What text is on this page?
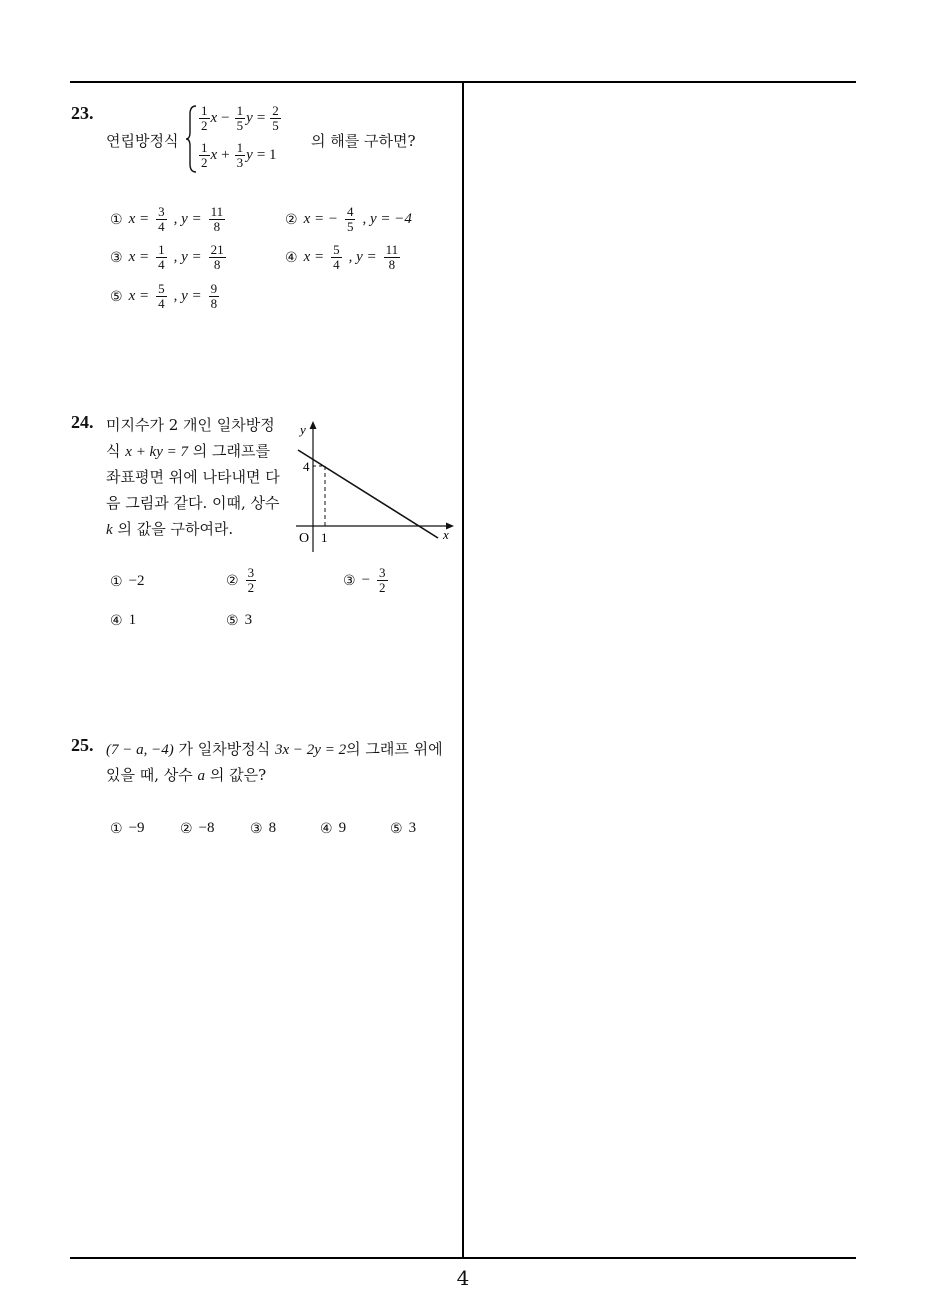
4
23.
연립방정식
$\frac{1}{2}$ $x - \frac{1}{5}$ $y = \frac{2}{5}$
$\frac{1}{2}$ $x + \frac{1}{3}$ y = 1
의 해를 구하면?
① $x = \frac{3}{4}$ , $y = \frac{11}{8}$	② x = − $\frac{4}{5}$ , y = −4
③ $x = \frac{1}{4}$ , $y = \frac{21}{8}$	④ $x = \frac{5}{4}$ , $y = \frac{11}{8}$
⑤ $x = \frac{5}{4}$ , $y = \frac{9}{8}$
24. 미지수가 2 개인 일차방정
식 x + ky = 7 의 그래프를
좌표평면 위에 나타내면 다
음 그림과 같다. 이때, 상수
k 의 값을 구하여라.
y
x
O
4
1
① −2	② $\frac{3}{2}$	③ − $\frac{3}{2}$
④ 1	⑤ 3
25. (7 − a, −4) 가 일차방정식 3x − 2y = 2의 그래프 위에
있을 때, 상수 a 의 값은?
① −9	② −8	③ 8	④ 9	⑤ 3
